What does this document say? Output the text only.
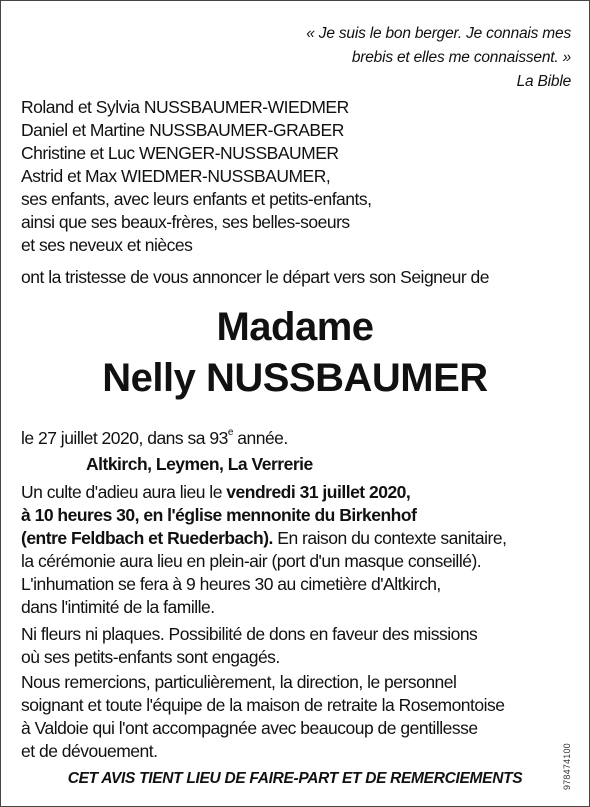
« Je suis le bon berger. Je connais mes
brebis et elles me connaissent. »
La Bible
Roland et Sylvia NUSSBAUMER-WIEDMER
Daniel et Martine NUSSBAUMER-GRABER
Christine et Luc WENGER-NUSSBAUMER
Astrid et Max WIEDMER-NUSSBAUMER,
ses enfants, avec leurs enfants et petits-enfants,
ainsi que ses beaux-frères, ses belles-soeurs
et ses neveux et nièces
ont la tristesse de vous annoncer le départ vers son Seigneur de
Madame
Nelly NUSSBAUMER
le 27 juillet 2020, dans sa 93e année.
Altkirch, Leymen, La Verrerie
Un culte d'adieu aura lieu le vendredi 31 juillet 2020,
à 10 heures 30, en l'église mennonite du Birkenhof
(entre Feldbach et Ruederbach). En raison du contexte sanitaire,
la cérémonie aura lieu en plein-air (port d'un masque conseillé).
L'inhumation se fera à 9 heures 30 au cimetière d'Altkirch,
dans l'intimité de la famille.
Ni fleurs ni plaques. Possibilité de dons en faveur des missions
où ses petits-enfants sont engagés.
Nous remercions, particulièrement, la direction, le personnel
soignant et toute l'équipe de la maison de retraite la Rosemontoise
à Valdoie qui l'ont accompagnée avec beaucoup de gentillesse
et de dévouement.
CET AVIS TIENT LIEU DE FAIRE-PART ET DE REMERCIEMENTS	978474100
